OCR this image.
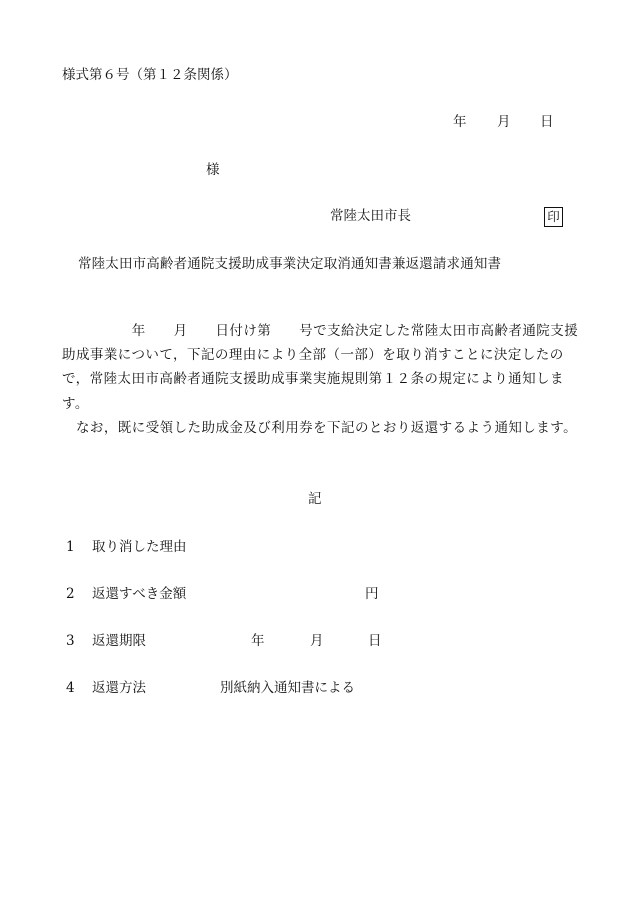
様式第６号（第１２条関係）
年 月 日
様
常陸太田市長	印
常陸太田市高齢者通院支援助成事業決定取消通知書兼返還請求通知書

　　　　　年　　月　　日付け第　　号で支給決定した常陸太田市高齢者通院支援助成事業について，下記の理由により全部（一部）を取り消すことに決定したので，常陸太田市高齢者通院支援助成事業実施規則第１２条の規定により通知します。

　なお，既に受領した助成金及び利用券を下記のとおり返還するよう通知します。

記
1 取り消した理由
2 返還すべき金額	円
3 返還期限	年	月	日
4 返還方法	別紙納入通知書による
